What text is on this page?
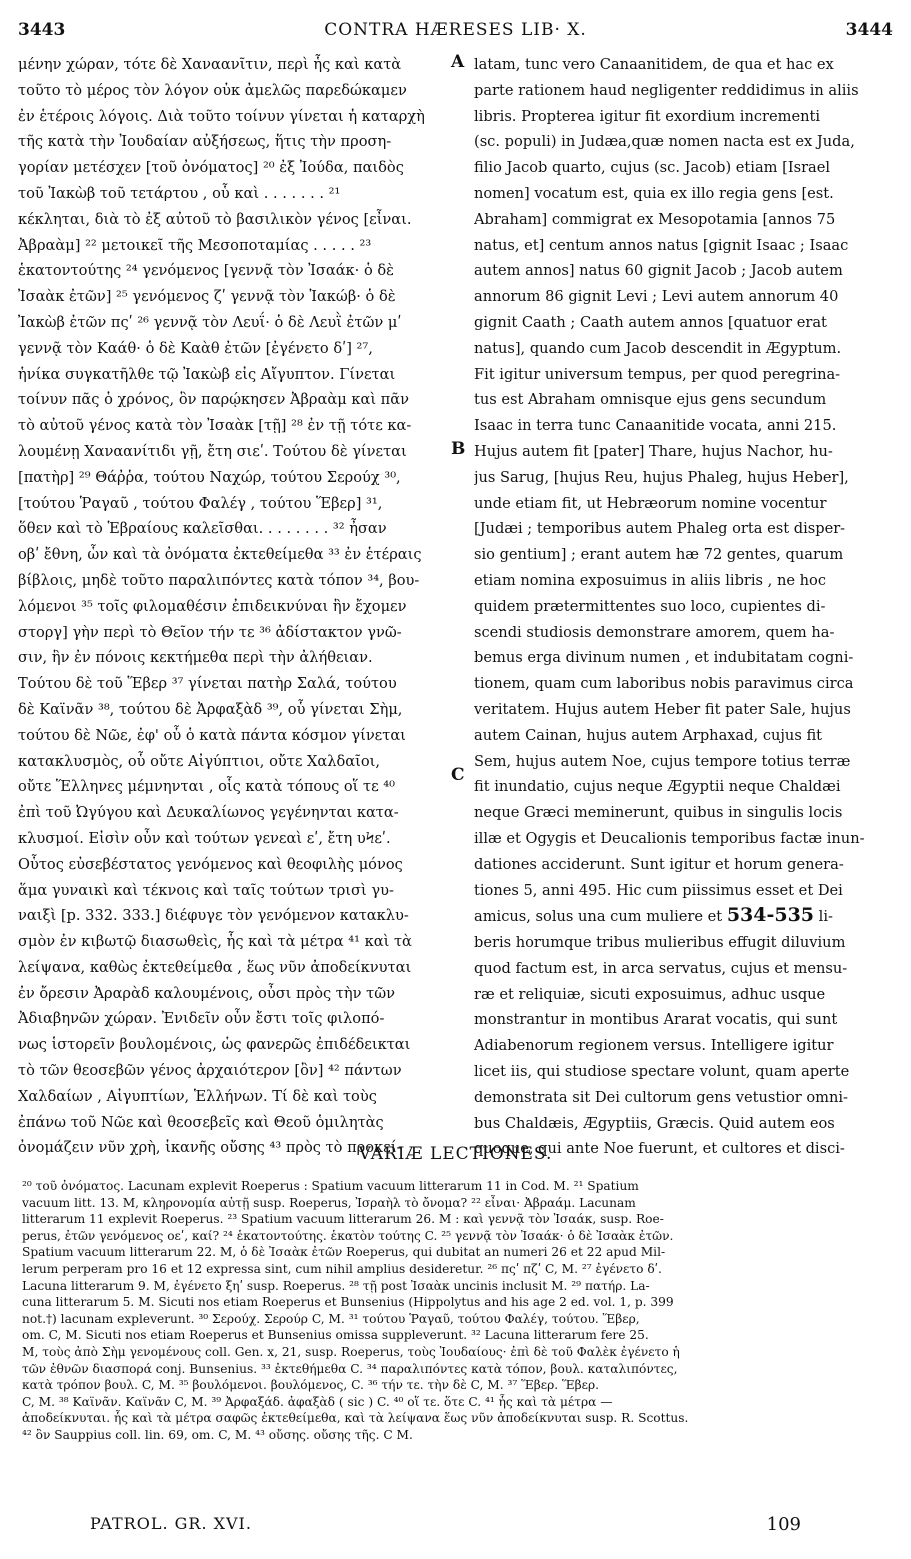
3443	CONTRA HÆRESES LIB· X.	3444

μένην χώραν, τότε δὲ Χαναανῖτιν, περὶ ἧς καὶ κατὰ

τοῦτο τὸ μέρος τὸν λόγον οὐκ ἀμελῶς παρεδώκαμεν

ἐν ἑτέροις λόγοις. Διὰ τοῦτο τοίνυν γίνεται ἡ καταρχὴ

τῆς κατὰ τὴν Ἰουδαίαν αὐξήσεως, ἥτις τὴν προση-

γορίαν μετέσχεν [τοῦ ὀνόματος] ²⁰ ἐξ Ἰούδα, παιδὸς

τοῦ Ἰακὼβ τοῦ τετάρτου , οὗ καὶ . . . . . . . ²¹

κέκληται, διὰ τὸ ἐξ αὐτοῦ τὸ βασιλικὸν γένος [εἶναι.

Ἀβραὰμ] ²² μετοικεῖ τῆς Μεσοποταμίας . . . . . ²³

ἑκατοντούτης ²⁴ γενόμενος [γεννᾷ τὸν Ἰσαάκ· ὁ δὲ

Ἰσαὰκ ἐτῶν] ²⁵ γενόμενος ζʹ γεννᾷ τὸν Ἰακώβ· ὁ δὲ

Ἰακὼβ ἐτῶν πςʹ ²⁶ γεννᾷ τὸν Λευΐ· ὁ δὲ Λευῒ ἐτῶν μʹ

γεννᾷ τὸν Καάθ· ὁ δὲ Καὰθ ἐτῶν [ἐγένετο δʹ] ²⁷,

ἡνίκα συγκατῆλθε τῷ Ἰακὼβ εἰς Αἴγυπτον. Γίνεται

τοίνυν πᾶς ὁ χρόνος, ὃν παρῴκησεν Ἀβραὰμ καὶ πᾶν

τὸ αὐτοῦ γένος κατὰ τὸν Ἰσαὰκ [τῇ] ²⁸ ἐν τῇ τότε κα-

λουμένῃ Χαναανίτιδι γῇ, ἔτη σιεʹ. Τούτου δὲ γίνεται

[πατὴρ] ²⁹ Θάῤῥα, τούτου Ναχώρ, τούτου Σερούχ ³⁰,

[τούτου Ῥαγαῦ , τούτου Φαλέγ , τούτου Ἕβερ] ³¹,

ὅθεν καὶ τὸ Ἑβραίους καλεῖσθαι. . . . . . . . ³² ἦσαν

οβʹ ἔθνη, ὧν καὶ τὰ ὀνόματα ἐκτεθείμεθα ³³ ἐν ἑτέραις

βίβλοις, μηδὲ τοῦτο παραλιπόντες κατὰ τόπον ³⁴, βου-

λόμενοι ³⁵ τοῖς φιλομαθέσιν ἐπιδεικνύναι ἣν ἔχομεν

στοργ] γὴν περὶ τὸ Θεῖον τήν τε ³⁶ ἀδίστακτον γνῶ-

σιν, ἣν ἐν πόνοις κεκτήμεθα περὶ τὴν ἀλήθειαν.

Τούτου δὲ τοῦ Ἕβερ ³⁷ γίνεται πατὴρ Σαλά, τούτου

δὲ Καϊνᾶν ³⁸, τούτου δὲ Ἀρφαξὰδ ³⁹, οὗ γίνεται Σὴμ,

τούτου δὲ Νῶε, ἐφ' οὗ ὁ κατὰ πάντα κόσμον γίνεται

κατακλυσμὸς, οὗ οὔτε Αἰγύπτιοι, οὔτε Χαλδαῖοι,

οὔτε Ἕλληνες μέμνηνται , οἷς κατὰ τόπους οἵ τε ⁴⁰

ἐπὶ τοῦ Ὠγύγου καὶ Δευκαλίωνος γεγένηνται κατα-

κλυσμοί. Εἰσὶν οὖν καὶ τούτων γενεαὶ εʹ, ἔτη υϞεʹ.

Οὗτος εὐσεβέστατος γενόμενος καὶ θεοφιλὴς μόνος

ἅμα γυναικὶ καὶ τέκνοις καὶ ταῖς τούτων τρισὶ γυ-

ναιξὶ [p. 332. 333.] διέφυγε τὸν γενόμενον κατακλυ-

σμὸν ἐν κιβωτῷ διασωθεὶς, ἧς καὶ τὰ μέτρα ⁴¹ καὶ τὰ

λείψανα, καθὼς ἐκτεθείμεθα , ἕως νῦν ἀποδείκνυται

ἐν ὄρεσιν Ἀραρὰδ καλουμένοις, οὖσι πρὸς τὴν τῶν

Ἀδιαβηνῶν χώραν. Ἐνιδεῖν οὖν ἔστι τοῖς φιλοπό-

νως ἱστορεῖν βουλομένοις, ὡς φανερῶς ἐπιδέδεικται

τὸ τῶν θεοσεβῶν γένος ἀρχαιότερον [ὂν] ⁴² πάντων

Χαλδαίων , Αἰγυπτίων, Ἑλλήνων. Τί δὲ καὶ τοὺς

ἐπάνω τοῦ Νῶε καὶ θεοσεβεῖς καὶ Θεοῦ ὁμιλητὰς

ὀνομάζειν νῦν χρὴ, ἱκανῆς οὔσης ⁴³ πρὸς τὸ προκεί-

latam, tunc vero Canaanitidem, de qua et hac ex

parte rationem haud negligenter reddidimus in aliis

libris. Propterea igitur fit exordium incrementi

(sc. populi) in Judæa,quæ nomen nacta est ex Juda,

filio Jacob quarto, cujus (sc. Jacob) etiam [Israel

nomen] vocatum est, quia ex illo regia gens [est.

Abraham] commigrat ex Mesopotamia [annos 75

natus, et] centum annos natus [gignit Isaac ; Isaac

autem annos] natus 60 gignit Jacob ; Jacob autem

annorum 86 gignit Levi ; Levi autem annorum 40

gignit Caath ; Caath autem annos [quatuor erat

natus], quando cum Jacob descendit in Ægyptum.

Fit igitur universum tempus, per quod peregrina-

tus est Abraham omnisque ejus gens secundum

Isaac in terra tunc Canaanitide vocata, anni 215.

Hujus autem fit [pater] Thare, hujus Nachor, hu-

jus Sarug, [hujus Reu, hujus Phaleg, hujus Heber],

unde etiam fit, ut Hebræorum nomine vocentur

[Judæi ; temporibus autem Phaleg orta est disper-

sio gentium] ; erant autem hæ 72 gentes, quarum

etiam nomina exposuimus in aliis libris , ne hoc

quidem prætermittentes suo loco, cupientes di-

scendi studiosis demonstrare amorem, quem ha-

bemus erga divinum numen , et indubitatam cogni-

tionem, quam cum laboribus nobis paravimus circa

veritatem. Hujus autem Heber fit pater Sale, hujus

autem Cainan, hujus autem Arphaxad, cujus fit

Sem, hujus autem Noe, cujus tempore totius terræ

fit inundatio, cujus neque Ægyptii neque Chaldæi

neque Græci meminerunt, quibus in singulis locis

illæ et Ogygis et Deucalionis temporibus factæ inun-

dationes acciderunt. Sunt igitur et horum genera-

tiones 5, anni 495. Hic cum piissimus esset et Dei

amicus, solus una cum muliere et 534-535 li-

beris horumque tribus mulieribus effugit diluvium

quod factum est, in arca servatus, cujus et mensu-

ræ et reliquiæ, sicuti exposuimus, adhuc usque

monstrantur in montibus Ararat vocatis, qui sunt

Adiabenorum regionem versus. Intelligere igitur

licet iis, qui studiose spectare volunt, quam aperte

demonstrata sit Dei cultorum gens vetustior omni-

bus Chaldæis, Ægyptiis, Græcis. Quid autem eos

quoque, qui ante Noe fuerunt, et cultores et disci-

A
B
C
VARIÆ LECTIONES.

²⁰ τοῦ ὀνόματος. Lacunam explevit Roeperus : Spatium vacuum litterarum 11 in Cod. M. ²¹ Spatium

vacuum litt. 13. M, κληρονομία αὐτῇ susp. Roeperus, Ἰσραὴλ τὸ ὄνομα? ²² εἶναι· Ἀβραάμ. Lacunam

litterarum 11 explevit Roeperus. ²³ Spatium vacuum litterarum 26. M : καὶ γεννᾷ τὸν Ἰσαάκ, susp. Roe-

perus, ἐτῶν γενόμενος οεʹ, καί? ²⁴ ἑκατοντούτης. ἑκατὸν τούτης C. ²⁵ γεννᾷ τὸν Ἰσαάκ· ὁ δὲ Ἰσαὰκ ἐτῶν.

Spatium vacuum litterarum 22. M, ὁ δὲ Ἰσαὰκ ἐτῶν Roeperus, qui dubitat an numeri 26 et 22 apud Mil-

lerum perperam pro 16 et 12 expressa sint, cum nihil amplius desideretur. ²⁶ πςʹ πζʹ C, M. ²⁷ ἐγένετο δʹ.

Lacuna litterarum 9. M, ἐγένετο ξηʹ susp. Roeperus. ²⁸ τῇ post Ἰσαὰκ uncinis inclusit M. ²⁹ πατήρ. La-

cuna litterarum 5. M. Sicuti nos etiam Roeperus et Bunsenius (Hippolytus and his age 2 ed. vol. 1, p. 399

not.†) lacunam expleverunt. ³⁰ Σερούχ. Σερούρ C, M. ³¹ τούτου Ῥαγαῦ, τούτου Φαλέγ, τούτου. Ἕβερ,

om. C, M. Sicuti nos etiam Roeperus et Bunsenius omissa suppleverunt. ³² Lacuna litterarum fere 25.

M, τοὺς ἀπὸ Σὴμ γενομένους coll. Gen. x, 21, susp. Roeperus, τοὺς Ἰουδαίους· ἐπὶ δὲ τοῦ Φαλὲκ ἐγένετο ἡ

τῶν ἐθνῶν διασπορά conj. Bunsenius. ³³ ἐκτεθήμεθα C. ³⁴ παραλιπόντες κατὰ τόπον, βουλ. καταλιπόντες,

κατὰ τρόπον βουλ. C, M. ³⁵ βουλόμενοι. βουλόμενος, C. ³⁶ τήν τε. τὴν δὲ C, M. ³⁷ Ἕβερ. Ἕβερ.

C, M. ³⁸ Καϊνᾶν. Καϊνᾶν C, M. ³⁹ Ἀρφαξάδ. ἀφαξὰδ ( sic ) C. ⁴⁰ οἵ τε. ὅτε C. ⁴¹ ἧς καὶ τὰ μέτρα —

ἀποδείκνυται. ἧς καὶ τὰ μέτρα σαφῶς ἐκτεθείμεθα, καὶ τὰ λείψανα ἕως νῦν ἀποδείκνυται susp. R. Scottus.

⁴² ὂν Sauppius coll. lin. 69, om. C, M. ⁴³ οὔσης. οὔσης τῆς. C M.

PATROL. GR. XVI.	109
